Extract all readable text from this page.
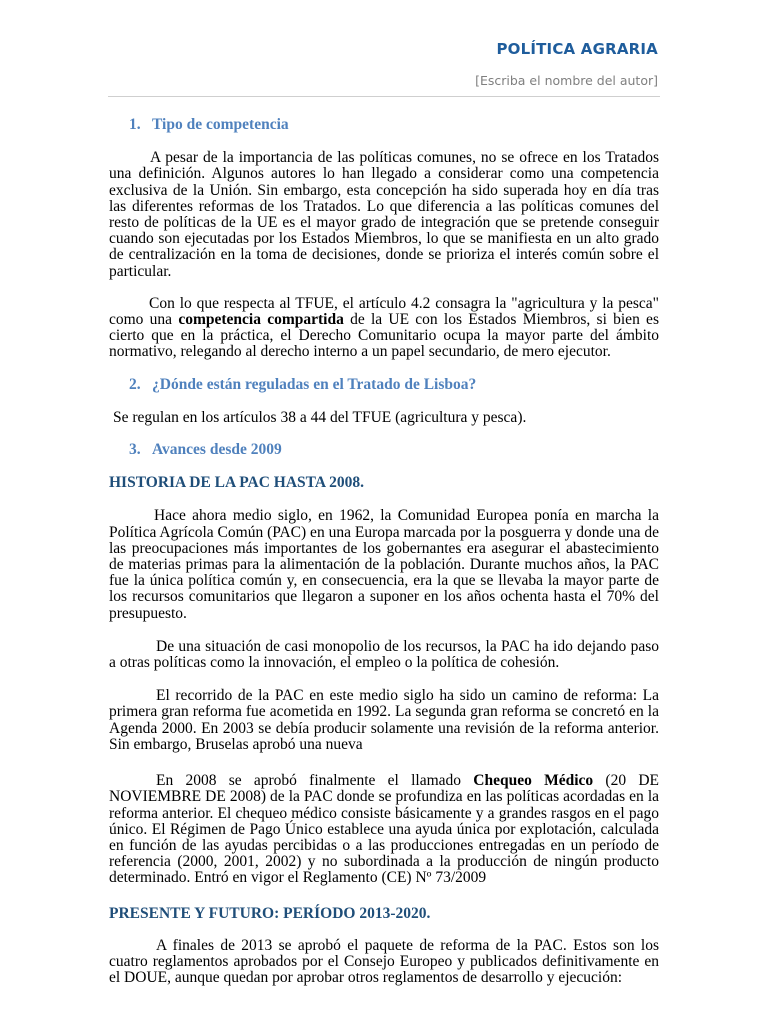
POLÍTICA AGRARIA
[Escriba el nombre del autor]

1. Tipo de competencia

A pesar de la importancia de las políticas comunes, no se ofrece en los Tratados una definición. Algunos autores lo han llegado a considerar como una competencia exclusiva de la Unión. Sin embargo, esta concepción ha sido superada hoy en día tras las diferentes reformas de los Tratados. Lo que diferencia a las políticas comunes del resto de políticas de la UE es el mayor grado de integración que se pretende conseguir cuando son ejecutadas por los Estados Miembros, lo que se manifiesta en un alto grado de centralización en la toma de decisiones, donde se prioriza el interés común sobre el particular.

Con lo que respecta al TFUE, el artículo 4.2 consagra la "agricultura y la pesca" como una competencia compartida de la UE con los Estados Miembros, si bien es cierto que en la práctica, el Derecho Comunitario ocupa la mayor parte del ámbito normativo, relegando al derecho interno a un papel secundario, de mero ejecutor.

2. ¿Dónde están reguladas en el Tratado de Lisboa?

Se regulan en los artículos 38 a 44 del TFUE (agricultura y pesca).

3. Avances desde 2009

HISTORIA DE LA PAC HASTA 2008.

Hace ahora medio siglo, en 1962, la Comunidad Europea ponía en marcha la Política Agrícola Común (PAC) en una Europa marcada por la posguerra y donde una de las preocupaciones más importantes de los gobernantes era asegurar el abastecimiento de materias primas para la alimentación de la población. Durante muchos años, la PAC fue la única política común y, en consecuencia, era la que se llevaba la mayor parte de los recursos comunitarios que llegaron a suponer en los años ochenta hasta el 70% del presupuesto.

De una situación de casi monopolio de los recursos, la PAC ha ido dejando paso a otras políticas como la innovación, el empleo o la política de cohesión.

El recorrido de la PAC en este medio siglo ha sido un camino de reforma: La primera gran reforma fue acometida en 1992. La segunda gran reforma se concretó en la Agenda 2000. En 2003 se debía producir solamente una revisión de la reforma anterior. Sin embargo, Bruselas aprobó una nueva

En 2008 se aprobó finalmente el llamado Chequeo Médico (20 DE NOVIEMBRE DE 2008) de la PAC donde se profundiza en las políticas acordadas en la reforma anterior. El chequeo médico consiste básicamente y a grandes rasgos en el pago único. El Régimen de Pago Único establece una ayuda única por explotación, calculada en función de las ayudas percibidas o a las producciones entregadas en un período de referencia (2000, 2001, 2002) y no subordinada a la producción de ningún producto determinado. Entró en vigor el Reglamento (CE) Nº 73/2009

PRESENTE Y FUTURO: PERÍODO 2013-2020.

A finales de 2013 se aprobó el paquete de reforma de la PAC. Estos son los cuatro reglamentos aprobados por el Consejo Europeo y publicados definitivamente en el DOUE, aunque quedan por aprobar otros reglamentos de desarrollo y ejecución:
